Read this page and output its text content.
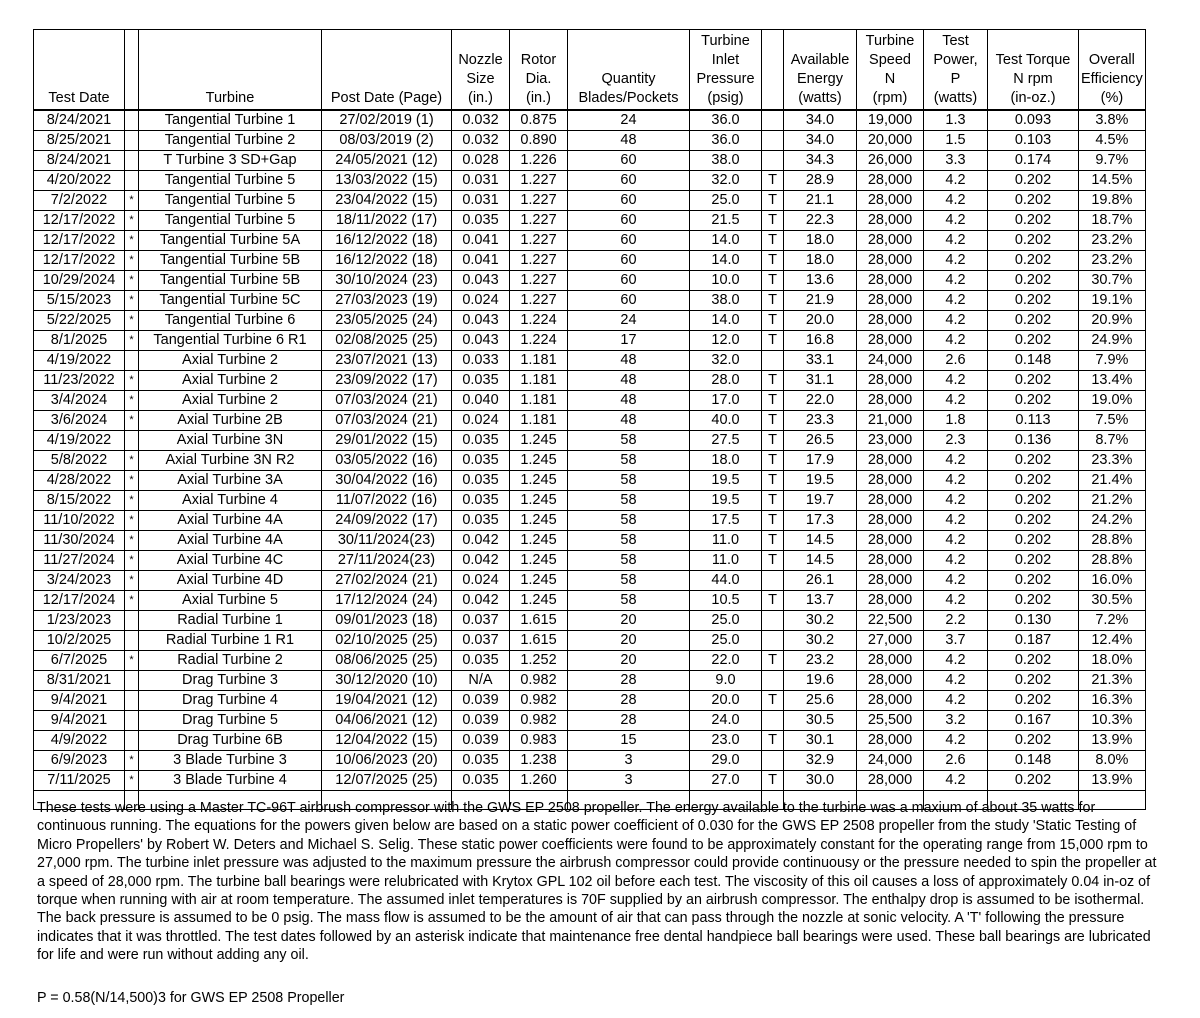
Test Date		Turbine	Post Date (Page)	Nozzle
Size
(in.)	Rotor
Dia.
(in.)	Quantity
Blades/Pockets	Turbine
Inlet
Pressure
(psig)		Available
Energy
(watts)	Turbine
Speed
N
(rpm)	Test
Power,
P
(watts)	Test Torque
N rpm
(in-oz.)	Overall
Efficiency
(%)

8/24/2021		Tangential Turbine 1	27/02/2019 (1)	0.032	0.875	24	36.0		34.0	19,000	1.3	0.093	3.8%
8/25/2021		Tangential Turbine 2	08/03/2019 (2)	0.032	0.890	48	36.0		34.0	20,000	1.5	0.103	4.5%
8/24/2021		T Turbine 3 SD+Gap	24/05/2021 (12)	0.028	1.226	60	38.0		34.3	26,000	3.3	0.174	9.7%
4/20/2022		Tangential Turbine 5	13/03/2022 (15)	0.031	1.227	60	32.0	T	28.9	28,000	4.2	0.202	14.5%
7/2/2022	*	Tangential Turbine 5	23/04/2022 (15)	0.031	1.227	60	25.0	T	21.1	28,000	4.2	0.202	19.8%
12/17/2022	*	Tangential Turbine 5	18/11/2022 (17)	0.035	1.227	60	21.5	T	22.3	28,000	4.2	0.202	18.7%
12/17/2022	*	Tangential Turbine 5A	16/12/2022 (18)	0.041	1.227	60	14.0	T	18.0	28,000	4.2	0.202	23.2%
12/17/2022	*	Tangential Turbine 5B	16/12/2022 (18)	0.041	1.227	60	14.0	T	18.0	28,000	4.2	0.202	23.2%
10/29/2024	*	Tangential Turbine 5B	30/10/2024 (23)	0.043	1.227	60	10.0	T	13.6	28,000	4.2	0.202	30.7%
5/15/2023	*	Tangential Turbine 5C	27/03/2023 (19)	0.024	1.227	60	38.0	T	21.9	28,000	4.2	0.202	19.1%
5/22/2025	*	Tangential Turbine 6	23/05/2025 (24)	0.043	1.224	24	14.0	T	20.0	28,000	4.2	0.202	20.9%
8/1/2025	*	Tangential Turbine 6 R1	02/08/2025 (25)	0.043	1.224	17	12.0	T	16.8	28,000	4.2	0.202	24.9%
4/19/2022		Axial Turbine 2	23/07/2021 (13)	0.033	1.181	48	32.0		33.1	24,000	2.6	0.148	7.9%
11/23/2022	*	Axial Turbine 2	23/09/2022 (17)	0.035	1.181	48	28.0	T	31.1	28,000	4.2	0.202	13.4%
3/4/2024	*	Axial Turbine 2	07/03/2024 (21)	0.040	1.181	48	17.0	T	22.0	28,000	4.2	0.202	19.0%
3/6/2024	*	Axial Turbine 2B	07/03/2024 (21)	0.024	1.181	48	40.0	T	23.3	21,000	1.8	0.113	7.5%
4/19/2022		Axial Turbine 3N	29/01/2022 (15)	0.035	1.245	58	27.5	T	26.5	23,000	2.3	0.136	8.7%
5/8/2022	*	Axial Turbine 3N R2	03/05/2022 (16)	0.035	1.245	58	18.0	T	17.9	28,000	4.2	0.202	23.3%
4/28/2022	*	Axial Turbine 3A	30/04/2022 (16)	0.035	1.245	58	19.5	T	19.5	28,000	4.2	0.202	21.4%
8/15/2022	*	Axial Turbine 4	11/07/2022 (16)	0.035	1.245	58	19.5	T	19.7	28,000	4.2	0.202	21.2%
11/10/2022	*	Axial Turbine 4A	24/09/2022 (17)	0.035	1.245	58	17.5	T	17.3	28,000	4.2	0.202	24.2%
11/30/2024	*	Axial Turbine 4A	30/11/2024(23)	0.042	1.245	58	11.0	T	14.5	28,000	4.2	0.202	28.8%
11/27/2024	*	Axial Turbine 4C	27/11/2024(23)	0.042	1.245	58	11.0	T	14.5	28,000	4.2	0.202	28.8%
3/24/2023	*	Axial Turbine 4D	27/02/2024 (21)	0.024	1.245	58	44.0		26.1	28,000	4.2	0.202	16.0%
12/17/2024	*	Axial Turbine 5	17/12/2024 (24)	0.042	1.245	58	10.5	T	13.7	28,000	4.2	0.202	30.5%
1/23/2023		Radial Turbine 1	09/01/2023 (18)	0.037	1.615	20	25.0		30.2	22,500	2.2	0.130	7.2%
10/2/2025		Radial Turbine 1 R1	02/10/2025 (25)	0.037	1.615	20	25.0		30.2	27,000	3.7	0.187	12.4%
6/7/2025	*	Radial Turbine 2	08/06/2025 (25)	0.035	1.252	20	22.0	T	23.2	28,000	4.2	0.202	18.0%
8/31/2021		Drag Turbine 3	30/12/2020 (10)	N/A	0.982	28	9.0		19.6	28,000	4.2	0.202	21.3%
9/4/2021		Drag Turbine 4	19/04/2021 (12)	0.039	0.982	28	20.0	T	25.6	28,000	4.2	0.202	16.3%
9/4/2021		Drag Turbine 5	04/06/2021 (12)	0.039	0.982	28	24.0		30.5	25,500	3.2	0.167	10.3%
4/9/2022		Drag Turbine 6B	12/04/2022 (15)	0.039	0.983	15	23.0	T	30.1	28,000	4.2	0.202	13.9%
6/9/2023	*	3 Blade Turbine 3	10/06/2023 (20)	0.035	1.238	3	29.0		32.9	24,000	2.6	0.148	8.0%
7/11/2025	*	3 Blade Turbine 4	12/07/2025 (25)	0.035	1.260	3	27.0	T	30.0	28,000	4.2	0.202	13.9%

These tests were using a Master TC-96T airbrush compressor with the GWS EP 2508 propeller. The energy available to the turbine was a maxium of about 35 watts for continuous running. The equations for the powers given below are based on a static power coefficient of 0.030 for the GWS EP 2508 propeller from the study 'Static Testing of Micro Propellers' by Robert W. Deters and Michael S. Selig. These static power coefficients were found to be approximately constant for the operating range from 15,000 rpm to 27,000 rpm. The turbine inlet pressure was adjusted to the maximum pressure the airbrush compressor could provide continuousy or the pressure needed to spin the propeller at a speed of 28,000 rpm. The turbine ball bearings were relubricated with Krytox GPL 102 oil before each test. The viscosity of this oil causes a loss of approximately 0.04 in-oz of torque when running with air at room temperature. The assumed inlet temperatures is 70F supplied by an airbrush compressor. The enthalpy drop is assumed to be isothermal. The back pressure is assumed to be 0 psig. The mass flow is assumed to be the amount of air that can pass through the nozzle at sonic velocity. A 'T' following the pressure indicates that it was throttled. The test dates followed by an asterisk indicate that maintenance free dental handpiece ball bearings were used. These ball bearings are lubricated for life and were run without adding any oil.
P = 0.58(N/14,500)3 for GWS EP 2508 Propeller
